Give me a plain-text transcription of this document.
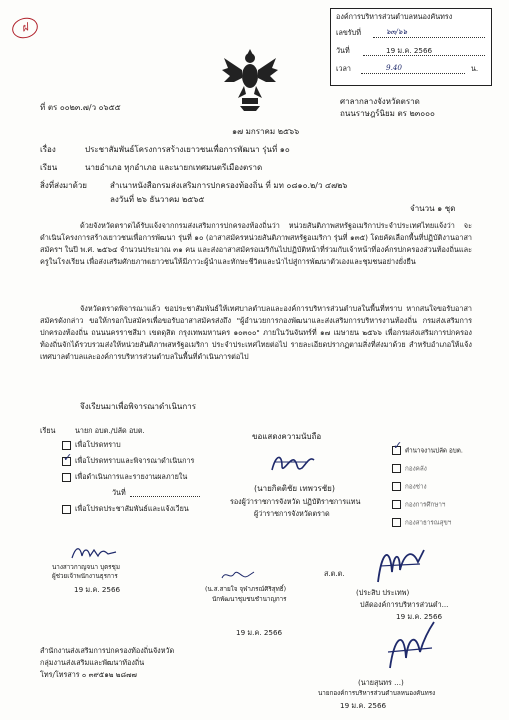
ฝ
องค์การบริหารส่วนตำบลหนองคันทรง
เลขรับที่	๖๓/๖๖
วันที่	19 ม.ค. 2566
เวลา	9.40	น.
ที่ ตร ๐๐๒๓.๗/ว ๐๖๕๕
ศาลากลางจังหวัดตราด
ถนนราษฎร์นิยม ตร ๒๓๐๐๐
๑๗ มกราคม ๒๕๖๖
เรื่อง	ประชาสัมพันธ์โครงการสร้างเยาวชนเพื่อการพัฒนา รุ่นที่ ๑๐
เรียน	นายอำเภอ ทุกอำเภอ และนายกเทศมนตรีเมืองตราด
สิ่งที่ส่งมาด้วย	สำเนาหนังสือกรมส่งเสริมการปกครองท้องถิ่น ที่ มท ๐๘๑๐.๒/ว ๔๗๒๖
ลงวันที่ ๒๖ ธันวาคม ๒๕๖๕
จำนวน ๑ ชุด
ด้วยจังหวัดตราดได้รับแจ้งจากกรมส่งเสริมการปกครองท้องถิ่นว่า หน่วยสันติภาพสหรัฐอเมริกาประจำประเทศไทยแจ้งว่า จะดำเนินโครงการสร้างเยาวชนเพื่อการพัฒนา รุ่นที่ ๑๐ (อาสาสมัครหน่วยสันติภาพสหรัฐอเมริกา รุ่นที่ ๑๓๕) โดยคัดเลือกพื้นที่ปฏิบัติงานอาสาสมัครฯ ในปี พ.ศ. ๒๕๖๔ จำนวนประมาณ ๓๑ คน และส่งอาสาสมัครอเมริกันไปปฏิบัติหน้าที่ร่วมกับเจ้าหน้าที่องค์กรปกครองส่วนท้องถิ่นและครูในโรงเรียน เพื่อส่งเสริมศักยภาพเยาวชนให้มีภาวะผู้นำและทักษะชีวิตและนำไปสู่การพัฒนาตัวเองและชุมชนอย่างยั่งยืน
จังหวัดตราดพิจารณาแล้ว ขอประชาสัมพันธ์ให้เทศบาลตำบลและองค์การบริหารส่วนตำบลในพื้นที่ทราบ หากสนใจขอรับอาสาสมัครดังกล่าว ขอให้กรอกใบสมัครเพื่อขอรับอาสาสมัครส่งถึง "ผู้อำนวยการกองพัฒนาและส่งเสริมการบริหารงานท้องถิ่น กรมส่งเสริมการปกครองท้องถิ่น ถนนนครราชสีมา เขตดุสิต กรุงเทพมหานคร ๑๐๓๐๐" ภายในวันจันทร์ที่ ๑๗ เมษายน ๒๕๖๖ เพื่อกรมส่งเสริมการปกครองท้องถิ่นจักได้รวบรวมส่งให้หน่วยสันติภาพสหรัฐอเมริกา ประจำประเทศไทยต่อไป รายละเอียดปรากฏตามสิ่งที่ส่งมาด้วย สำหรับอำเภอให้แจ้งเทศบาลตำบลและองค์การบริหารส่วนตำบลในพื้นที่ดำเนินการต่อไป
จึงเรียนมาเพื่อพิจารณาดำเนินการ
เรียน	นายก อบต./ปลัด อบต.
เพื่อโปรดทราบ
✓เพื่อโปรดทราบและพิจารณาดำเนินการ
เพื่อดำเนินการและรายงานผลภายใน
วันที่
เพื่อโปรดประชาสัมพันธ์และแจ้งเวียน
นางสาวกาญจนา บุตรชุม
ผู้ช่วยเจ้าพนักงานธุรการ
19 ม.ค. 2566
ขอแสดงความนับถือ
(นายกิตติชัย เทพวรชัย)
รองผู้ว่าราชการจังหวัด ปฏิบัติราชการแทน
ผู้ว่าราชการจังหวัดตราด
✓ตำนาจงานปลัด อบต.
กองคลัง
กองช่าง
กองการศึกษาฯ
กองสาธารณสุขฯ
(น.ส.สายใจ จุฬาภรณ์ศิริสุทธิ์)
นักพัฒนาชุมชนชำนาญการ
19 ม.ค. 2566
ส.ต.ต.
(ประสิบ ประเทพ)
ปลัดองค์การบริหารส่วนตำ...
19 ม.ค. 2566
(นายสุนทร ...)
นายกองค์การบริหารส่วนตำบลหนองคันทรง
19 ม.ค. 2566
สำนักงานส่งเสริมการปกครองท้องถิ่นจังหวัด
กลุ่มงานส่งเสริมและพัฒนาท้องถิ่น
โทร/โทรสาร ๐ ๓๙๕๑๒ ๒๘๗๗
